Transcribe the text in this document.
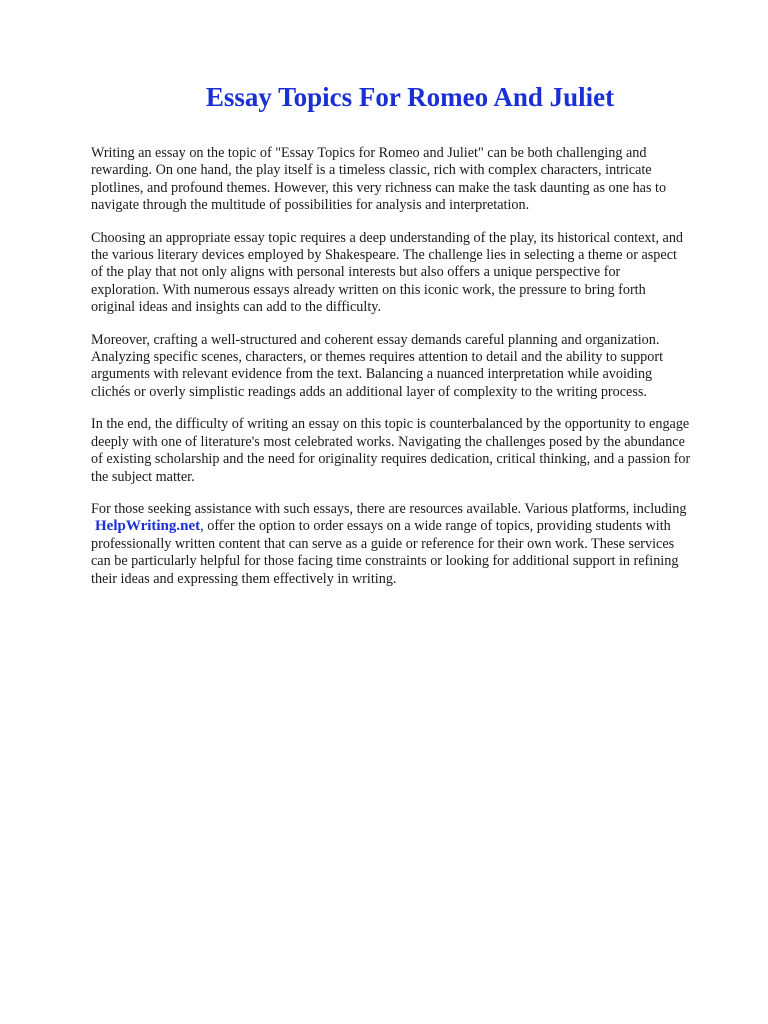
Essay Topics For Romeo And Juliet

Writing an essay on the topic of "Essay Topics for Romeo and Juliet" can be both challenging and rewarding. On one hand, the play itself is a timeless classic, rich with complex characters, intricate plotlines, and profound themes. However, this very richness can make the task daunting as one has to navigate through the multitude of possibilities for analysis and interpretation.

Choosing an appropriate essay topic requires a deep understanding of the play, its historical context, and the various literary devices employed by Shakespeare. The challenge lies in selecting a theme or aspect of the play that not only aligns with personal interests but also offers a unique perspective for exploration. With numerous essays already written on this iconic work, the pressure to bring forth original ideas and insights can add to the difficulty.

Moreover, crafting a well-structured and coherent essay demands careful planning and organization. Analyzing specific scenes, characters, or themes requires attention to detail and the ability to support arguments with relevant evidence from the text. Balancing a nuanced interpretation while avoiding clichés or overly simplistic readings adds an additional layer of complexity to the writing process.

In the end, the difficulty of writing an essay on this topic is counterbalanced by the opportunity to engage deeply with one of literature's most celebrated works. Navigating the challenges posed by the abundance of existing scholarship and the need for originality requires dedication, critical thinking, and a passion for the subject matter.

For those seeking assistance with such essays, there are resources available. Various platforms, including HelpWriting.net, offer the option to order essays on a wide range of topics, providing students with professionally written content that can serve as a guide or reference for their own work. These services can be particularly helpful for those facing time constraints or looking for additional support in refining their ideas and expressing them effectively in writing.
